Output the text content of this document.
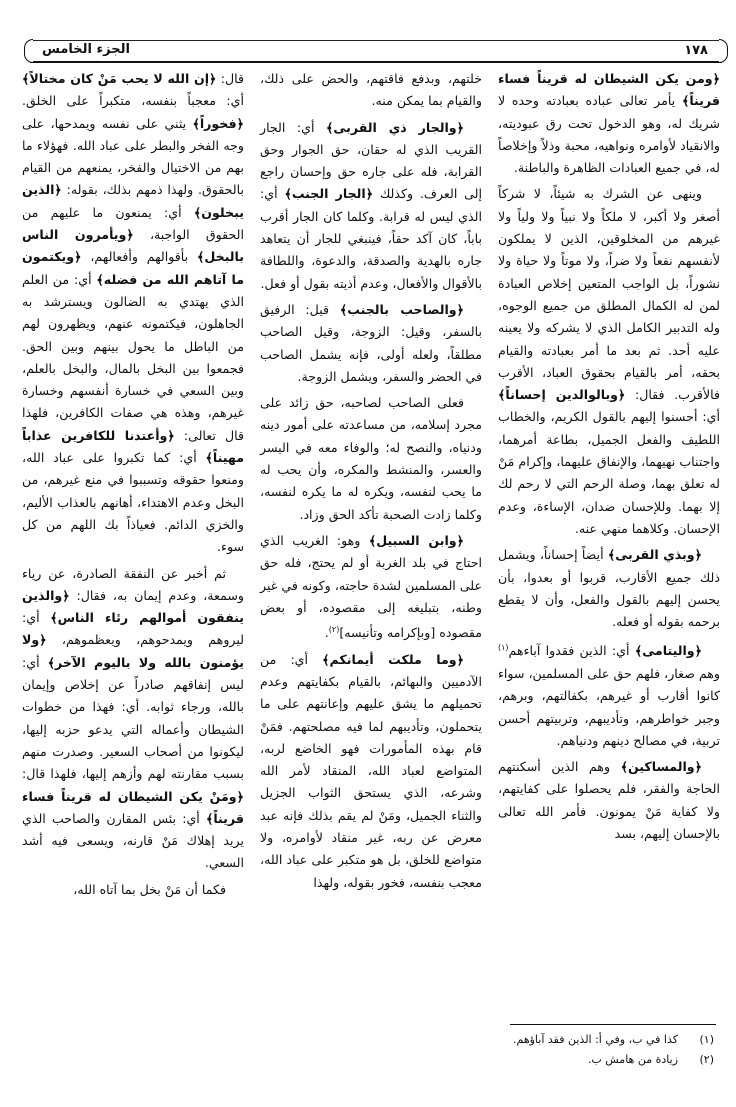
١٧٨
الجزء الخامس

﴿ومن يكن الشيطان له قريناً فساء قريناً﴾ يأمر تعالى عباده بعبادته وحده لا شريك له، وهو الدخول تحت رق عبوديته، والانقياد لأوامره ونواهيه، محبة وذلاً وإخلاصاً له، في جميع العبادات الظاهرة والباطنة.

وينهى عن الشرك به شيئاً، لا شركاً أصغر ولا أكبر، لا ملكاً ولا نبياً ولا ولياً ولا غيرهم من المخلوقين، الذين لا يملكون لأنفسهم نفعاً ولا ضراً، ولا موتاً ولا حياة ولا نشوراً، بل الواجب المتعين إخلاص العبادة لمن له الكمال المطلق من جميع الوجوه، وله التدبير الكامل الذي لا يشركه ولا يعينه عليه أحد. ثم بعد ما أمر بعبادته والقيام بحقه، أمر بالقيام بحقوق العباد، الأقرب فالأقرب. فقال: ﴿وبالوالدين إحساناً﴾ أي: أحسنوا إليهم بالقول الكريم، والخطاب اللطيف والفعل الجميل، بطاعة أمرهما، واجتناب نهيهما، والإنفاق عليهما، وإكرام مَنْ له تعلق بهما، وصلة الرحم التي لا رحم لك إلا بهما. وللإحسان ضدان، الإساءة، وعدم الإحسان. وكلاهما منهي عنه.

﴿وبذي القربى﴾ أيضاً إحساناً، ويشمل ذلك جميع الأقارب، قربوا أو بعدوا، بأن يحسن إليهم بالقول والفعل، وأن لا يقطع برحمه بقوله أو فعله.

﴿واليتامى﴾ أي: الذين فقدوا آباءهم$^{(١)}$ وهم صغار، فلهم حق على المسلمين، سواء كانوا أقارب أو غيرهم، بكفالتهم، وبرهم، وجبر خواطرهم، وتأديبهم، وتربيتهم أحسن تربية، في مصالح دينهم ودنياهم.

﴿والمساكين﴾ وهم الذين أسكنتهم الحاجة والفقر، فلم يحصلوا على كفايتهم، ولا كفاية مَنْ يمونون. فأمر الله تعالى بالإحسان إليهم، بسد

خلتهم، وبدفع فاقتهم، والحض على ذلك، والقيام بما يمكن منه.

﴿والجار ذي القربى﴾ أي: الجار القريب الذي له حقان، حق الجوار وحق القرابة، فله على جاره حق وإحسان راجع إلى العرف. وكذلك ﴿الجار الجنب﴾ أي: الذي ليس له قرابة. وكلما كان الجار أقرب باباً، كان آكد حقاً، فينبغي للجار أن يتعاهد جاره بالهدية والصدقة، والدعوة، واللطافة بالأقوال والأفعال، وعدم أذيته بقول أو فعل.

﴿والصاحب بالجنب﴾ قيل: الرفيق بالسفر، وقيل: الزوجة، وقيل الصاحب مطلقاً، ولعله أولى، فإنه يشمل الصاحب في الحضر والسفر، ويشمل الزوجة.

فعلى الصاحب لصاحبه، حق زائد على مجرد إسلامه، من مساعدته على أمور دينه ودنياه، والنصح له؛ والوفاء معه في اليسر والعسر، والمنشط والمكره، وأن يحب له ما يحب لنفسه، ويكره له ما يكره لنفسه، وكلما زادت الصحبة تأكد الحق وزاد.

﴿وابن السبيل﴾ وهو: الغريب الذي احتاج في بلد الغربة أو لم يحتج، فله حق على المسلمين لشدة حاجته، وكونه في غير وطنه، بتبليغه إلى مقصوده، أو بعض مقصوده [وبإكرامه وتأنيسه]$^{(٢)}$.

﴿وما ملكت أيمانكم﴾ أي: من الآدميين والبهائم، بالقيام بكفايتهم وعدم تحميلهم ما يشق عليهم وإعانتهم على ما يتحملون، وتأديبهم لما فيه مصلحتهم. فمَنْ قام بهذه المأمورات فهو الخاضع لربه، المتواضع لعباد الله، المنقاد لأمر الله وشرعه، الذي يستحق الثواب الجزيل والثناء الجميل، ومَنْ لم يقم بذلك فإنه عبد معرض عن ربه، غير منقاد لأوامره، ولا متواضع للخلق، بل هو متكبر على عباد الله، معجب بنفسه، فخور بقوله، ولهذا

قال: ﴿إن الله لا يحب مَنْ كان مختالاً﴾ أي: معجباً بنفسه، متكبراً على الخلق. ﴿فخوراً﴾ يثني على نفسه ويمدحها، على وجه الفخر والبطر على عباد الله. فهؤلاء ما بهم من الاختيال والفخر، يمنعهم من القيام بالحقوق. ولهذا ذمهم بذلك، بقوله: ﴿الذين يبخلون﴾ أي: يمنعون ما عليهم من الحقوق الواجبة، ﴿ويأمرون الناس بالبخل﴾ بأقوالهم وأفعالهم، ﴿ويكتمون ما آتاهم الله من فضله﴾ أي: من العلم الذي يهتدي به الضالون ويسترشد به الجاهلون، فيكتمونه عنهم، ويظهرون لهم من الباطل ما يحول بينهم وبين الحق. فجمعوا بين البخل بالمال، والبخل بالعلم، وبين السعي في خسارة أنفسهم وخسارة غيرهم، وهذه هي صفات الكافرين، فلهذا قال تعالى: ﴿وأعتدنا للكافرين عذاباً مهيناً﴾ أي: كما تكبروا على عباد الله، ومنعوا حقوقه وتسببوا في منع غيرهم، من البخل وعدم الاهتداء، أهانهم بالعذاب الأليم، والخزي الدائم. فعياذاً بك اللهم من كل سوء.

ثم أخبر عن النفقة الصادرة، عن رياء وسمعة، وعدم إيمان به، فقال: ﴿والذين ينفقون أموالهم رئاء الناس﴾ أي: ليروهم ويمدحوهم، ويعظموهم، ﴿ولا يؤمنون بالله ولا باليوم الآخر﴾ أي: ليس إنفاقهم صادراً عن إخلاص وإيمان بالله، ورجاء ثوابه. أي: فهذا من خطوات الشيطان وأعماله التي يدعو حزبه إليها، ليكونوا من أصحاب السعير. وصدرت منهم بسبب مقارنته لهم وأزهم إليها، فلهذا قال: ﴿ومَنْ يكن الشيطان له قريناً فساء قريناً﴾ أي: بئس المقارن والصاحب الذي يريد إهلاك مَنْ قارنه، ويسعى فيه أشد السعي.

فكما أن مَنْ بخل بما آتاه الله،

(١)
كذا في ب، وفي أ: الذين فقد آباؤهم.
(٢)
زيادة من هامش ب.
